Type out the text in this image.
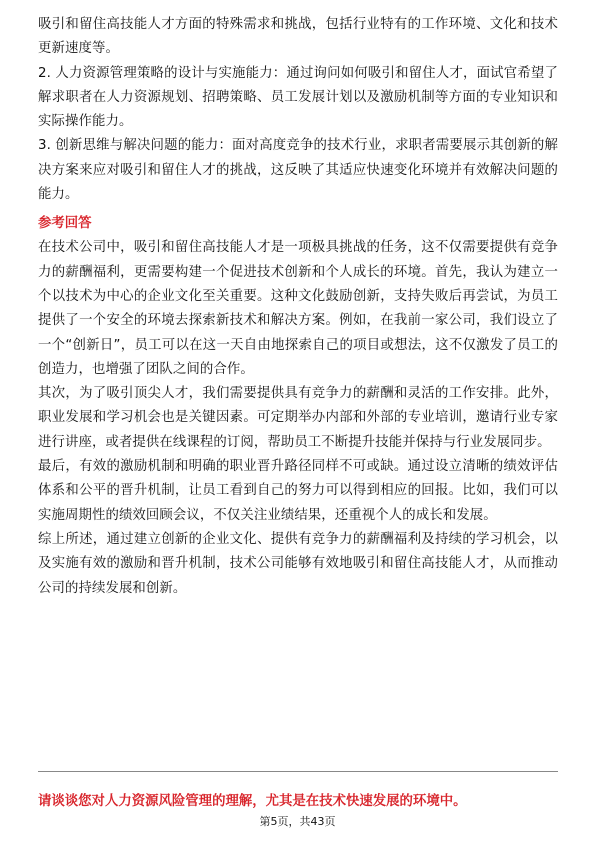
吸引和留住高技能人才方面的特殊需求和挑战，包括行业特有的工作环境、文化和技术更新速度等。

2. 人力资源管理策略的设计与实施能力：通过询问如何吸引和留住人才，面试官希望了解求职者在人力资源规划、招聘策略、员工发展计划以及激励机制等方面的专业知识和实际操作能力。

3. 创新思维与解决问题的能力：面对高度竞争的技术行业，求职者需要展示其创新的解决方案来应对吸引和留住人才的挑战，这反映了其适应快速变化环境并有效解决问题的能力。

参考回答

在技术公司中，吸引和留住高技能人才是一项极具挑战的任务，这不仅需要提供有竞争力的薪酬福利，更需要构建一个促进技术创新和个人成长的环境。首先，我认为建立一个以技术为中心的企业文化至关重要。这种文化鼓励创新，支持失败后再尝试，为员工提供了一个安全的环境去探索新技术和解决方案。例如，在我前一家公司，我们设立了一个“创新日”，员工可以在这一天自由地探索自己的项目或想法，这不仅激发了员工的创造力，也增强了团队之间的合作。

其次，为了吸引顶尖人才，我们需要提供具有竞争力的薪酬和灵活的工作安排。此外，职业发展和学习机会也是关键因素。可定期举办内部和外部的专业培训，邀请行业专家进行讲座，或者提供在线课程的订阅，帮助员工不断提升技能并保持与行业发展同步。

最后，有效的激励机制和明确的职业晋升路径同样不可或缺。通过设立清晰的绩效评估体系和公平的晋升机制，让员工看到自己的努力可以得到相应的回报。比如，我们可以实施周期性的绩效回顾会议，不仅关注业绩结果，还重视个人的成长和发展。

综上所述，通过建立创新的企业文化、提供有竞争力的薪酬福利及持续的学习机会，以及实施有效的激励和晋升机制，技术公司能够有效地吸引和留住高技能人才，从而推动公司的持续发展和创新。

请谈谈您对人力资源风险管理的理解，尤其是在技术快速发展的环境中。

第5页，共43页
